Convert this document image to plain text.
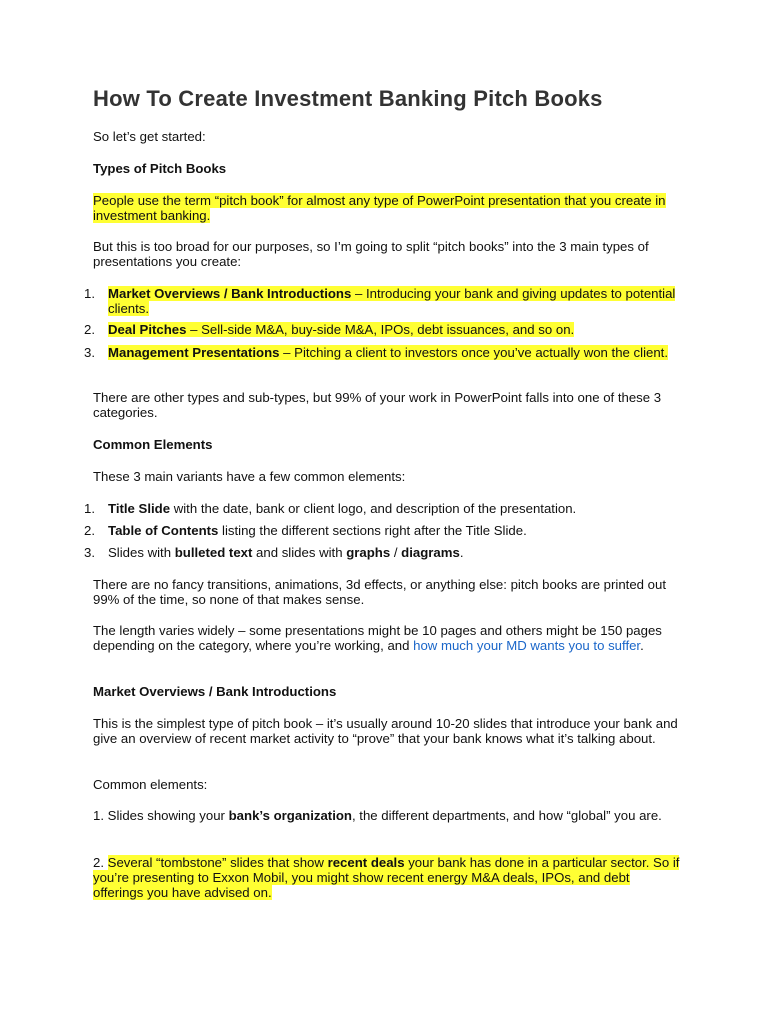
How To Create Investment Banking Pitch Books

So let’s get started:

Types of Pitch Books

People use the term “pitch book” for almost any type of PowerPoint presentation that you create in investment banking.

But this is too broad for our purposes, so I’m going to split “pitch books” into the 3 main types of presentations you create:

1. Market Overviews / Bank Introductions – Introducing your bank and giving updates to potential clients.

2. Deal Pitches – Sell-side M&A, buy-side M&A, IPOs, debt issuances, and so on.

3. Management Presentations – Pitching a client to investors once you’ve actually won the client.

There are other types and sub-types, but 99% of your work in PowerPoint falls into one of these 3 categories.

Common Elements

These 3 main variants have a few common elements:

1. Title Slide with the date, bank or client logo, and description of the presentation.

2. Table of Contents listing the different sections right after the Title Slide.

3. Slides with bulleted text and slides with graphs / diagrams.

There are no fancy transitions, animations, 3d effects, or anything else: pitch books are printed out 99% of the time, so none of that makes sense.

The length varies widely – some presentations might be 10 pages and others might be 150 pages depending on the category, where you’re working, and how much your MD wants you to suffer.

Market Overviews / Bank Introductions

This is the simplest type of pitch book – it’s usually around 10-20 slides that introduce your bank and give an overview of recent market activity to “prove” that your bank knows what it’s talking about.

Common elements:

1. Slides showing your bank’s organization, the different departments, and how “global” you are.

2. Several “tombstone” slides that show recent deals your bank has done in a particular sector. So if you’re presenting to Exxon Mobil, you might show recent energy M&A deals, IPOs, and debt offerings you have advised on.
